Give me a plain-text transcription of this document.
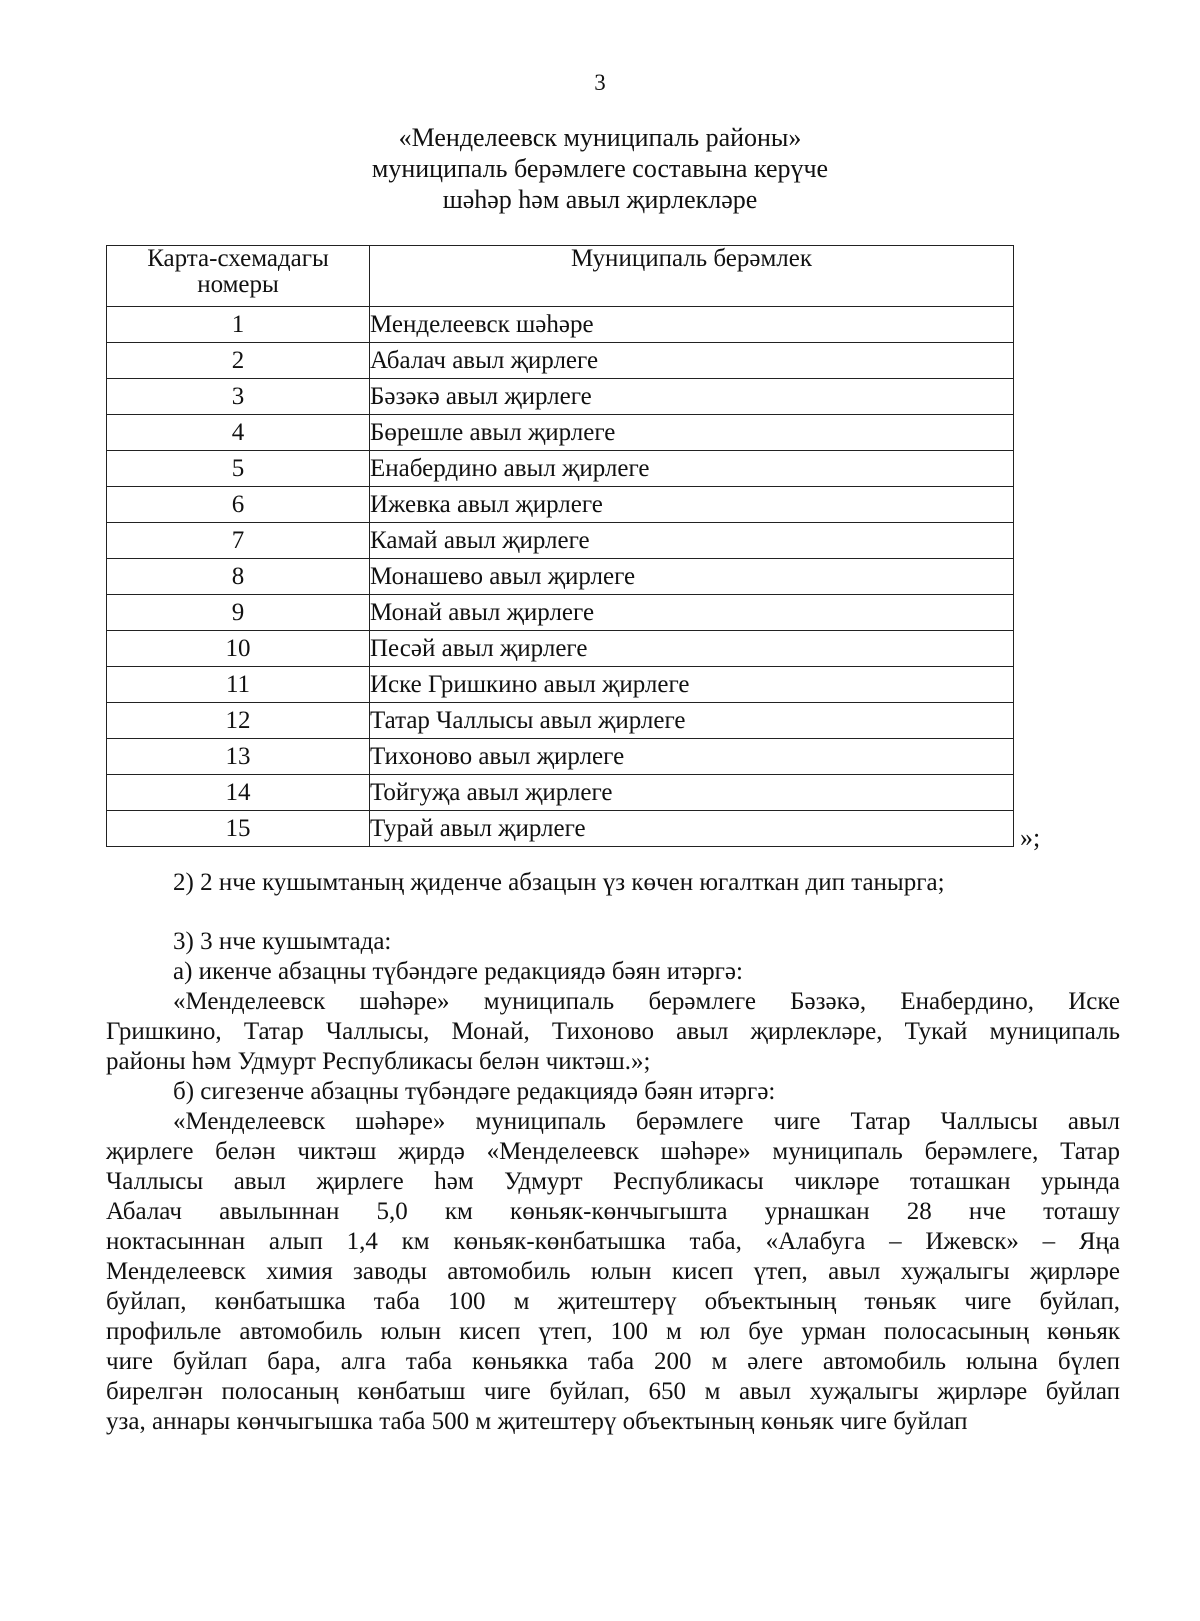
3
«Менделеевск муниципаль районы»
муниципаль берәмлеге составына керүче
шәһәр һәм авыл җирлекләре
Карта-схемадагы номеры	Муниципаль берәмлек
1	Менделеевск шәһәре
2	Абалач авыл җирлеге
3	Бәзәкә авыл җирлеге
4	Бөрешле авыл җирлеге
5	Енабердино авыл җирлеге
6	Ижевка авыл җирлеге
7	Камай авыл җирлеге
8	Монашево авыл җирлеге
9	Монай авыл җирлеге
10	Песәй авыл җирлеге
11	Иске Гришкино авыл җирлеге
12	Татар Чаллысы авыл җирлеге
13	Тихоново авыл җирлеге
14	Тойгуҗа авыл җирлеге
15	Турай авыл җирлеге	»;

2) 2 нче кушымтаның җиденче абзацын үз көчен югалткан дип таныргa;

3) 3 нче кушымтада:

а) икенче абзацны түбәндәге редакциядә бәян итәргә:

«Менделеевск шәһәре» муниципаль берәмлеге Бәзәкә, Енабердино, Иске

Гришкино, Татар Чаллысы, Монай, Тихоново авыл җирлекләре, Тукай муниципаль

районы һәм Удмурт Республикасы белән чиктәш.»;

б) сигезенче абзацны түбәндәге редакциядә бәян итәргә:

«Менделеевск шәһәре» муниципаль берәмлеге чиге Татар Чаллысы авыл

җирлеге белән чиктәш җирдә «Менделеевск шәһәре» муниципаль берәмлеге, Татар

Чаллысы авыл җирлеге һәм Удмурт Республикасы чикләре тоташкан урында

Абалач авылыннан 5,0 км көньяк-көнчыгышта урнашкан 28 нче тоташу

ноктасыннан алып 1,4 км көньяк-көнбатышка таба, «Алабуга – Ижевск» – Яңа

Менделеевск химия заводы автомобиль юлын кисеп үтеп, авыл хуҗалыгы җирләре

буйлап, көнбатышка таба 100 м җитештерү объектының төньяк чиге буйлап,

профильле автомобиль юлын кисеп үтеп, 100 м юл буе урман полосасының көньяк

чиге буйлап бара, алга таба көньякка таба 200 м әлеге автомобиль юлына бүлеп

бирелгән полосаның көнбатыш чиге буйлап, 650 м авыл хуҗалыгы җирләре буйлап

уза, аннары көнчыгышка таба 500 м җитештерү объектының көньяк чиге буйлап
